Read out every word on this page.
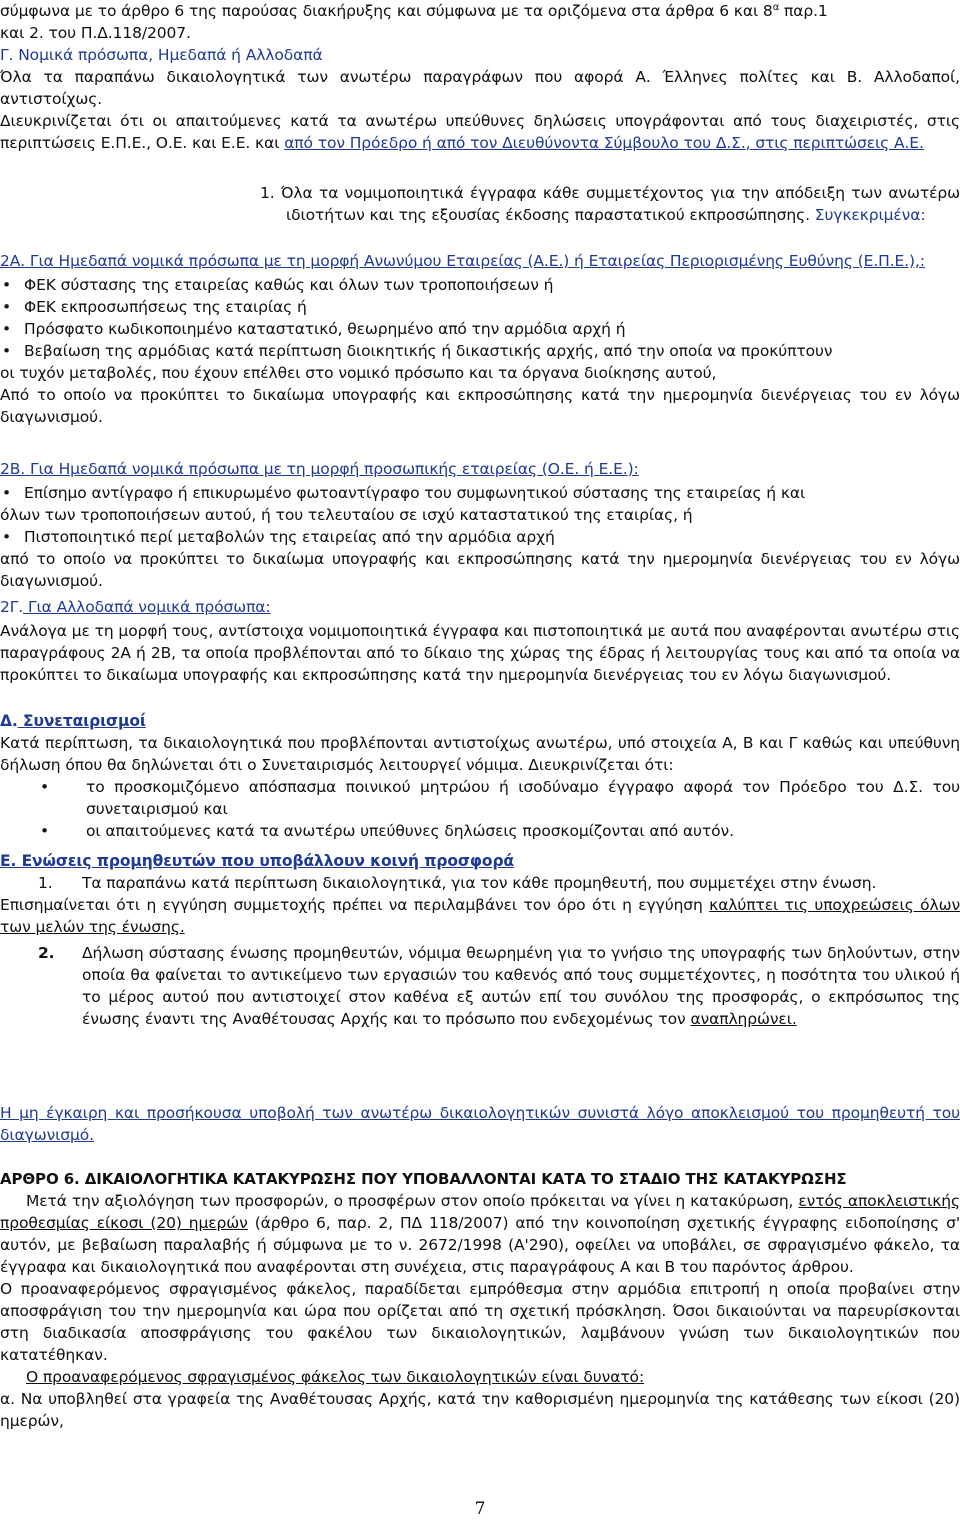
σύμφωνα με το άρθρο 6 της παρούσας διακήρυξης και σύμφωνα με τα οριζόμενα στα άρθρα 6 και $8^\alpha$ παρ.1

και 2. του Π.Δ.118/2007.

Γ. Νομικά πρόσωπα, Ημεδαπά ή Αλλοδαπά

Όλα τα παραπάνω δικαιολογητικά των ανωτέρω παραγράφων που αφορά Α. Έλληνες πολίτες και Β. Αλλοδαποί, αντιστοίχως.

Διευκρινίζεται ότι οι απαιτούμενες κατά τα ανωτέρω υπεύθυνες δηλώσεις υπογράφονται από τους διαχειριστές, στις περιπτώσεις Ε.Π.Ε., Ο.Ε. και Ε.Ε. και από τον Πρόεδρο ή από τον Διευθύνοντα Σύμβουλο του Δ.Σ., στις περιπτώσεις Α.Ε.
1. Όλα τα νομιμοποιητικά έγγραφα κάθε συμμετέχοντος για την απόδειξη των ανωτέρω ιδιοτήτων και της εξουσίας έκδοσης παραστατικού εκπροσώπησης. Συγκεκριμένα:

2Α. Για Ημεδαπά νομικά πρόσωπα με τη μορφή Ανωνύμου Εταιρείας (Α.Ε.) ή Εταιρείας Περιορισμένης Ευθύνης (Ε.Π.Ε.),:

• ΦΕΚ σύστασης της εταιρείας καθώς και όλων των τροποποιήσεων ή
• ΦΕΚ εκπροσωπήσεως της εταιρίας ή
• Πρόσφατο κωδικοποιημένο καταστατικό, θεωρημένο από την αρμόδια αρχή ή
• Βεβαίωση της αρμόδιας κατά περίπτωση διοικητικής ή δικαστικής αρχής, από την οποία να προκύπτουν

οι τυχόν μεταβολές, που έχουν επέλθει στο νομικό πρόσωπο και τα όργανα διοίκησης αυτού,

Από το οποίο να προκύπτει το δικαίωμα υπογραφής και εκπροσώπησης κατά την ημερομηνία διενέργειας του εν λόγω διαγωνισμού.

2Β. Για Ημεδαπά νομικά πρόσωπα με τη μορφή προσωπικής εταιρείας (Ο.Ε. ή Ε.Ε.):

• Επίσημο αντίγραφο ή επικυρωμένο φωτοαντίγραφο του συμφωνητικού σύστασης της εταιρείας ή και

όλων των τροποποιήσεων αυτού, ή του τελευταίου σε ισχύ καταστατικού της εταιρίας, ή

• Πιστοποιητικό περί μεταβολών της εταιρείας από την αρμόδια αρχή

από το οποίο να προκύπτει το δικαίωμα υπογραφής και εκπροσώπησης κατά την ημερομηνία διενέργειας του εν λόγω διαγωνισμού.

2Γ. Για Αλλοδαπά νομικά πρόσωπα:

Ανάλογα με τη μορφή τους, αντίστοιχα νομιμοποιητικά έγγραφα και πιστοποιητικά με αυτά που αναφέρονται ανωτέρω στις παραγράφους 2Α ή 2Β, τα οποία προβλέπονται από το δίκαιο της χώρας της έδρας ή λειτουργίας τους και από τα οποία να προκύπτει το δικαίωμα υπογραφής και εκπροσώπησης κατά την ημερομηνία διενέργειας του εν λόγω διαγωνισμού.

Δ. Συνεταιρισμοί

Κατά περίπτωση, τα δικαιολογητικά που προβλέπονται αντιστοίχως ανωτέρω, υπό στοιχεία Α, Β και Γ καθώς και υπεύθυνη δήλωση όπου θα δηλώνεται ότι ο Συνεταιρισμός λειτουργεί νόμιμα. Διευκρινίζεται ότι:

• το προσκομιζόμενο απόσπασμα ποινικού μητρώου ή ισοδύναμο έγγραφο αφορά τον Πρόεδρο του Δ.Σ. του συνεταιρισμού και
• οι απαιτούμενες κατά τα ανωτέρω υπεύθυνες δηλώσεις προσκομίζονται από αυτόν.

Ε. Ενώσεις προμηθευτών που υποβάλλουν κοινή προσφορά

1. Τα παραπάνω κατά περίπτωση δικαιολογητικά, για τον κάθε προμηθευτή, που συμμετέχει στην ένωση.

Επισημαίνεται ότι η εγγύηση συμμετοχής πρέπει να περιλαμβάνει τον όρο ότι η εγγύηση καλύπτει τις υποχρεώσεις όλων των μελών της ένωσης.

2. Δήλωση σύστασης ένωσης προμηθευτών, νόμιμα θεωρημένη για το γνήσιο της υπογραφής των δηλούντων, στην οποία θα φαίνεται το αντικείμενο των εργασιών του καθενός από τους συμμετέχοντες, η ποσότητα του υλικού ή το μέρος αυτού που αντιστοιχεί στον καθένα εξ αυτών επί του συνόλου της προσφοράς, ο εκπρόσωπος της ένωσης έναντι της Αναθέτουσας Αρχής και το πρόσωπο που ενδεχομένως τον αναπληρώνει.
Η μη έγκαιρη και προσήκουσα υποβολή των ανωτέρω δικαιολογητικών συνιστά λόγο αποκλεισμού του προμηθευτή του διαγωνισμό.

ΑΡΘΡΟ 6. ΔΙΚΑΙΟΛΟΓΗΤΙΚΑ ΚΑΤΑΚΥΡΩΣΗΣ ΠΟΥ ΥΠΟΒΑΛΛΟΝΤΑΙ ΚΑΤΑ ΤΟ ΣΤΑΔΙΟ ΤΗΣ ΚΑΤΑΚΥΡΩΣΗΣ

Μετά την αξιολόγηση των προσφορών, ο προσφέρων στον οποίο πρόκειται να γίνει η κατακύρωση, εντός αποκλειστικής προθεσμίας είκοσι (20) ημερών (άρθρο 6, παρ. 2, ΠΔ 118/2007) από την κοινοποίηση σχετικής έγγραφης ειδοποίησης σ' αυτόν, με βεβαίωση παραλαβής ή σύμφωνα με το ν. 2672/1998 (Α'290), οφείλει να υποβάλει, σε σφραγισμένο φάκελο, τα έγγραφα και δικαιολογητικά που αναφέρονται στη συνέχεια, στις παραγράφους Α και Β του παρόντος άρθρου.

Ο προαναφερόμενος σφραγισμένος φάκελος, παραδίδεται εμπρόθεσμα στην αρμόδια επιτροπή η οποία προβαίνει στην αποσφράγιση του την ημερομηνία και ώρα που ορίζεται από τη σχετική πρόσκληση. Όσοι δικαιούνται να παρευρίσκονται στη διαδικασία αποσφράγισης του φακέλου των δικαιολογητικών, λαμβάνουν γνώση των δικαιολογητικών που κατατέθηκαν.

Ο προαναφερόμενος σφραγισμένος φάκελος των δικαιολογητικών είναι δυνατό:

α. Να υποβληθεί στα γραφεία της Αναθέτουσας Αρχής, κατά την καθορισμένη ημερομηνία της κατάθεσης των είκοσι (20) ημερών,

7
